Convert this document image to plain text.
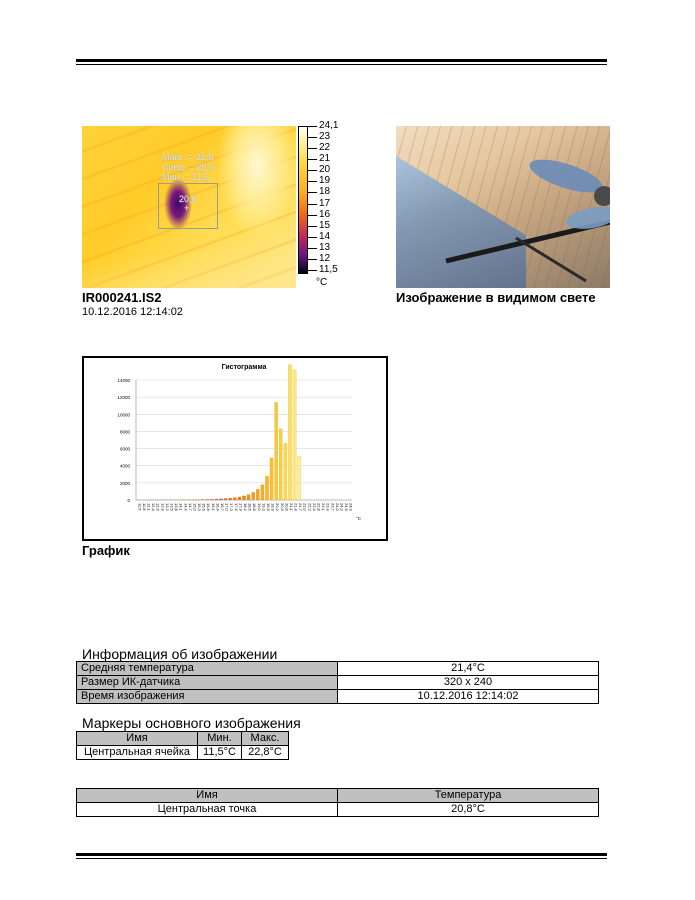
Макс. = 22,8
Сред. = 20,3
Мин. = 11,5
20,8
+
24,1
23
22
21
20
19
18
17
16
15
14
13
12
11,5
°C
IR000241.IS2
10.12.2016 12:14:02
Изображение в видимом свете
Гистограмма
0
2000
4000
6000
8000
10000
12000
14000
11,5 11,8 12,1 12,4 12,6 12,9 13,2 13,5 13,8 14,1 14,4 14,7 15,0 15,3 15,6 15,8 16,1 16,4 16,7 17,0 17,3 17,6 17,9 18,2 18,5 18,8 19,0 19,3 19,6 19,9 20,2 20,5 20,8 21,1 21,4 21,7 22,0 22,2 22,5 22,8 23,1 23,4 23,7 24,0 24,3 24,6 24,9
°C
График
Информация об изображении
Средняя температура	21,4°C
Размер ИК-датчика	320 x 240
Время изображения	10.12.2016 12:14:02
Маркеры основного изображения
Имя	Мин.	Макс.
Центральная ячейка	11,5°C	22,8°C
Имя	Температура
Центральная точка	20,8°C
